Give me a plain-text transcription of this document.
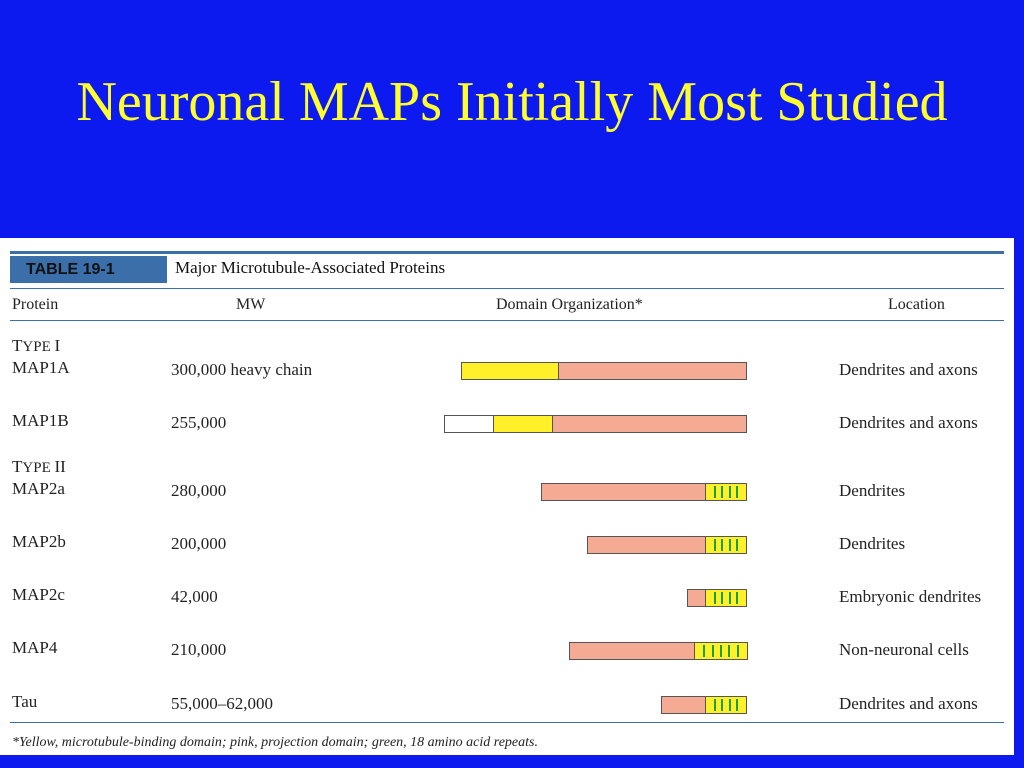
Neuronal MAPs Initially Most Studied
TABLE 19-1	Major Microtubule-Associated Proteins
Protein	MW	Domain Organization*	Location
TYPE I
MAP1A	300,000 heavy chain	Dendrites and axons
MAP1B	255,000	Dendrites and axons
TYPE II
MAP2a	280,000	Dendrites
MAP2b	200,000	Dendrites
MAP2c	42,000	Embryonic dendrites
MAP4	210,000	Non-neuronal cells
Tau	55,000–62,000	Dendrites and axons
*Yellow, microtubule-binding domain; pink, projection domain; green, 18 amino acid repeats.
